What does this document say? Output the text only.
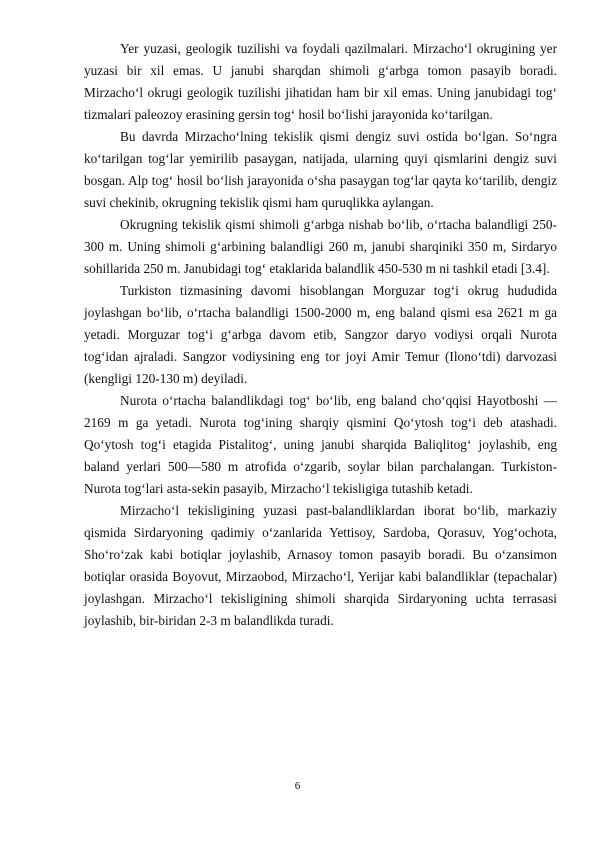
Yer yuzasi, geologik tuzilishi va foydali qazilmalari. Mirzacho‘l okrugining yer yuzasi bir xil emas. U janubi sharqdan shimoli g‘arbga tomon pasayib boradi. Mirzacho‘l okrugi geologik tuzilishi jihatidan ham bir xil emas. Uning janubidagi tog‘ tizmalari paleozoy erasining gersin tog‘ hosil bo‘lishi jarayonida ko‘tarilgan.

Bu davrda Mirzacho‘lning tekislik qismi dengiz suvi ostida bo‘lgan. So‘ngra ko‘tarilgan tog‘lar yemirilib pasaygan, natijada, ularning quyi qismlarini dengiz suvi bosgan. Alp tog‘ hosil bo‘lish jarayonida o‘sha pasaygan tog‘lar qayta ko‘tarilib, dengiz suvi chekinib, okrugning tekislik qismi ham quruqlikka aylangan.

Okrugning tekislik qismi shimoli g‘arbga nishab bo‘lib, o‘rtacha balandligi 250-300 m. Uning shimoli g‘arbining balandligi 260 m, janubi sharqiniki 350 m, Sirdaryo sohillarida 250 m. Janubidagi tog‘ etaklarida balandlik 450-530 m ni tashkil etadi [3.4].

Turkiston tizmasining davomi hisoblangan Morguzar tog‘i okrug hududida joylashgan bo‘lib, o‘rtacha balandligi 1500-2000 m, eng baland qismi esa 2621 m ga yetadi. Morguzar tog‘i g‘arbga davom etib, Sangzor daryo vodiysi orqali Nurota tog‘idan ajraladi. Sangzor vodiysining eng tor joyi Amir Temur (Ilono‘tdi) darvozasi (kengligi 120-130 m) deyiladi.

Nurota o‘rtacha balandlikdagi tog‘ bo‘lib, eng baland cho‘qqisi Hayotboshi — 2169 m ga yetadi. Nurota tog‘ining sharqiy qismini Qo‘ytosh tog‘i deb atashadi. Qo‘ytosh tog‘i etagida Pistalitog‘, uning janubi sharqida Baliqlitog‘ joylashib, eng baland yerlari 500—580 m atrofida o‘zgarib, soylar bilan parchalangan. Turkiston-Nurota tog‘lari asta-sekin pasayib, Mirzacho‘l tekisligiga tutashib ketadi.

Mirzacho‘l tekisligining yuzasi past-balandliklardan iborat bo‘lib, markaziy qismida Sirdaryoning qadimiy o‘zanlarida Yettisoy, Sardoba, Qorasuv, Yog‘ochota, Sho‘ro‘zak kabi botiqlar joylashib, Arnasoy tomon pasayib boradi. Bu o‘zansimon botiqlar orasida Boyovut, Mirzaobod, Mirzacho‘l, Yerijar kabi balandliklar (tepachalar) joylashgan. Mirzacho‘l tekisligining shimoli sharqida Sirdaryoning uchta terrasasi joylashib, bir-biridan 2-3 m balandlikda turadi.

6
